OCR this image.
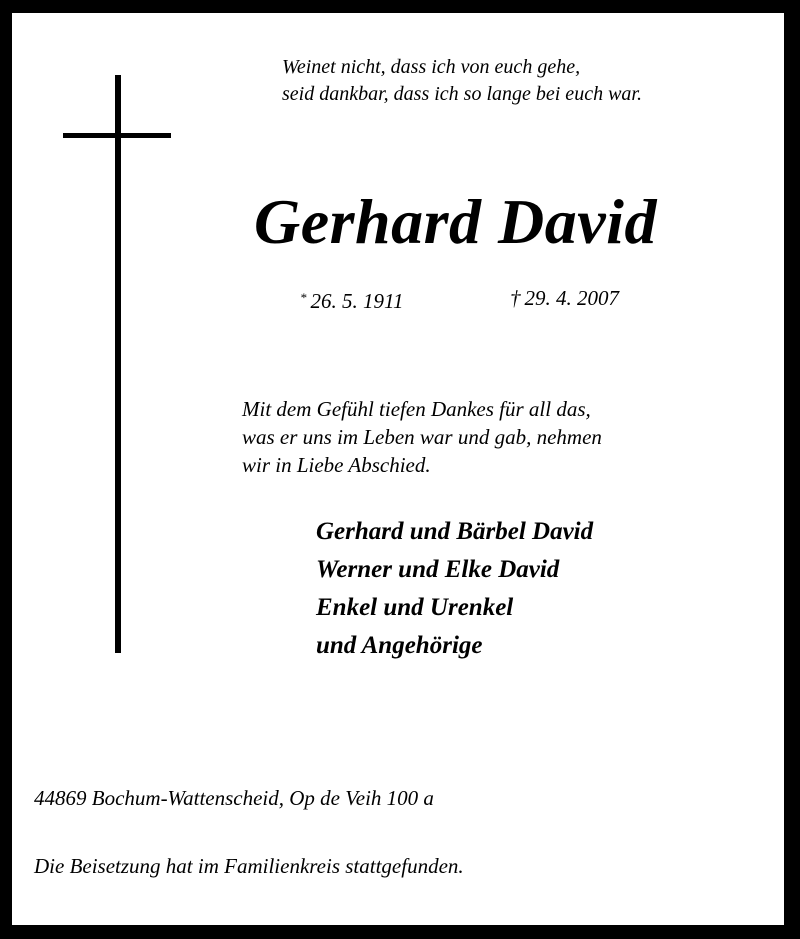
Weinet nicht, dass ich von euch gehe,
seid dankbar, dass ich so lange bei euch war.
Gerhard David
* 26. 5. 1911	† 29. 4. 2007
Mit dem Gefühl tiefen Dankes für all das,
was er uns im Leben war und gab, nehmen
wir in Liebe Abschied.
Gerhard und Bärbel David
Werner und Elke David
Enkel und Urenkel
und Angehörige
44869 Bochum-Wattenscheid, Op de Veih 100 a
Die Beisetzung hat im Familienkreis stattgefunden.
